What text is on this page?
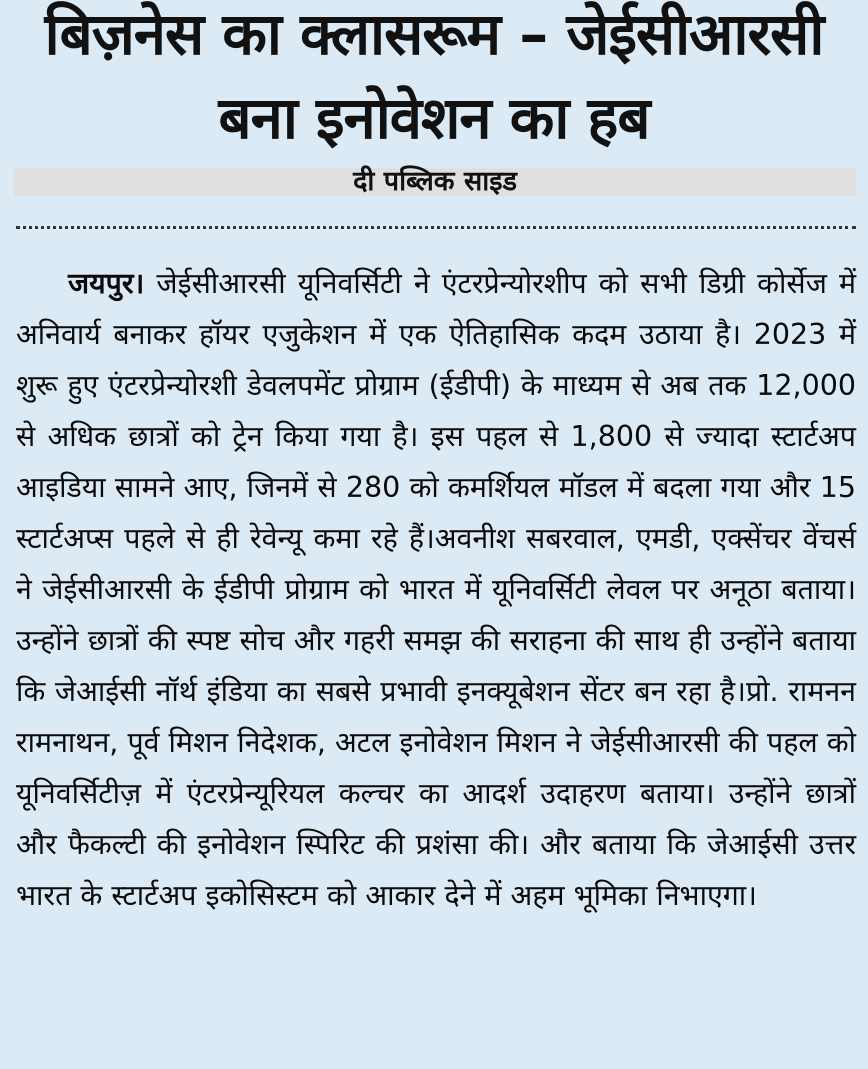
बिज़नेस का क्लासरूम – जेईसीआरसी
बना इनोवेशन का हब
दी पब्लिक साइड
जयपुर। जेईसीआरसी यूनिवर्सिटी ने एंटरप्रेन्योरशीप को सभी डिग्री कोर्सेज में अनिवार्य बनाकर हॉयर एजुकेशन में एक ऐतिहासिक कदम उठाया है। 2023 में शुरू हुए एंटरप्रेन्योरशी डेवलपमेंट प्रोग्राम (ईडीपी) के माध्यम से अब तक 12,000 से अधिक छात्रों को ट्रेन किया गया है। इस पहल से 1,800 से ज्यादा स्टार्टअप आइडिया सामने आए, जिनमें से 280 को कमर्शियल मॉडल में बदला गया और 15 स्टार्टअप्स पहले से ही रेवेन्यू कमा रहे हैं।अवनीश सबरवाल, एमडी, एक्सेंचर वेंचर्स ने जेईसीआरसी के ईडीपी प्रोग्राम को भारत में यूनिवर्सिटी लेवल पर अनूठा बताया। उन्होंने छात्रों की स्पष्ट सोच और गहरी समझ की सराहना की साथ ही उन्होंने बताया कि जेआईसी नॉर्थ इंडिया का सबसे प्रभावी इनक्यूबेशन सेंटर बन रहा है।प्रो. रामनन रामनाथन, पूर्व मिशन निदेशक, अटल इनोवेशन मिशन ने जेईसीआरसी की पहल को यूनिवर्सिटीज़ में एंटरप्रेन्यूरियल कल्चर का आदर्श उदाहरण बताया। उन्होंने छात्रों और फैकल्टी की इनोवेशन स्पिरिट की प्रशंसा की। और बताया कि जेआईसी उत्तर भारत के स्टार्टअप इकोसिस्टम को आकार देने में अहम भूमिका निभाएगा।
